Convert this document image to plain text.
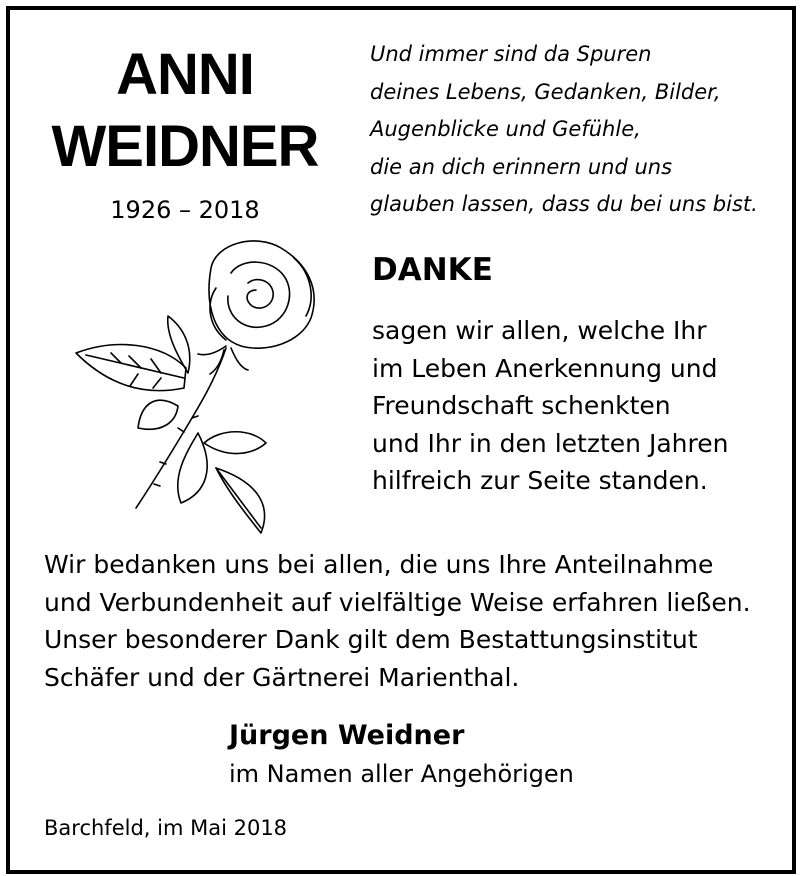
ANNI
WEIDNER
1926 – 2018
Und immer sind da Spuren
deines Lebens, Gedanken, Bilder,
Augenblicke und Gefühle,
die an dich erinnern und uns
glauben lassen, dass du bei uns bist.
DANKE
sagen wir allen, welche Ihr
im Leben Anerkennung und
Freundschaft schenkten
und Ihr in den letzten Jahren
hilfreich zur Seite standen.
Wir bedanken uns bei allen, die uns Ihre Anteilnahme
und Verbundenheit auf vielfältige Weise erfahren ließen.
Unser besonderer Dank gilt dem Bestattungsinstitut
Schäfer und der Gärtnerei Marienthal.
Jürgen Weidner
im Namen aller Angehörigen
Barchfeld, im Mai 2018
